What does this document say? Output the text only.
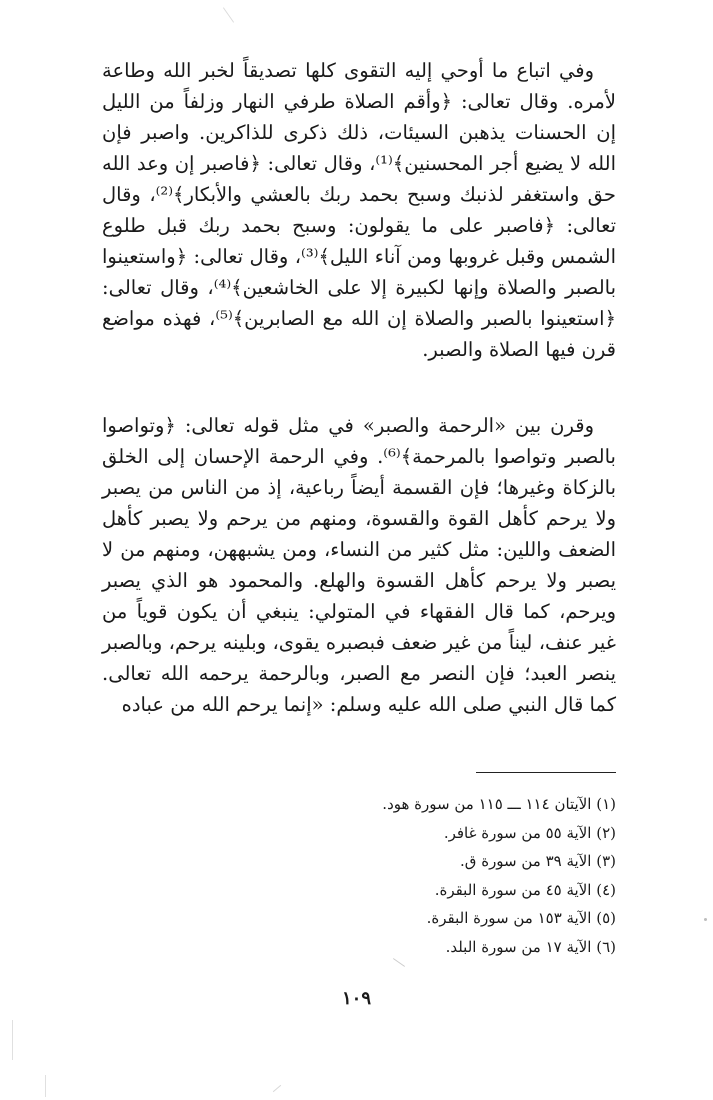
وفي اتباع ما أوحي إليه التقوى كلها تصديقاً لخبر الله وطاعة لأمره. وقال تعالى: ﴿وأقم الصلاة طرفي النهار وزلفاً من الليل إن الحسنات يذهبن السيئات، ذلك ذكرى للذاكرين. واصبر فإن الله لا يضيع أجر المحسنين﴾⁽¹⁾، وقال تعالى: ﴿فاصبر إن وعد الله حق واستغفر لذنبك وسبح بحمد ربك بالعشي والأبكار﴾⁽²⁾، وقال تعالى: ﴿فاصبر على ما يقولون: وسبح بحمد ربك قبل طلوع الشمس وقبل غروبها ومن آناء الليل﴾⁽³⁾، وقال تعالى: ﴿واستعينوا بالصبر والصلاة وإنها لكبيرة إلا على الخاشعين﴾⁽⁴⁾، وقال تعالى: ﴿استعينوا بالصبر والصلاة إن الله مع الصابرين﴾⁽⁵⁾، فهذه مواضع قرن فيها الصلاة والصبر.

وقرن بين «الرحمة والصبر» في مثل قوله تعالى: ﴿وتواصوا بالصبر وتواصوا بالمرحمة﴾⁽⁶⁾. وفي الرحمة الإحسان إلى الخلق بالزكاة وغيرها؛ فإن القسمة أيضاً رباعية، إذ من الناس من يصبر ولا يرحم كأهل القوة والقسوة، ومنهم من يرحم ولا يصبر كأهل الضعف واللين: مثل كثير من النساء، ومن يشبههن، ومنهم من لا يصبر ولا يرحم كأهل القسوة والهلع. والمحمود هو الذي يصبر ويرحم، كما قال الفقهاء في المتولي: ينبغي أن يكون قوياً من غير عنف، ليناً من غير ضعف فبصبره يقوى، وبلينه يرحم، وبالصبر ينصر العبد؛ فإن النصر مع الصبر، وبالرحمة يرحمه الله تعالى. كما قال النبي صلى الله عليه وسلم: «إنما يرحم الله من عباده

(١) الآيتان ١١٤ ـــ ١١٥ من سورة هود.
(٢) الآية ٥٥ من سورة غافر.
(٣) الآية ٣٩ من سورة ق.
(٤) الآية ٤٥ من سورة البقرة.
(٥) الآية ١٥٣ من سورة البقرة.
(٦) الآية ١٧ من سورة البلد.
١٠٩
